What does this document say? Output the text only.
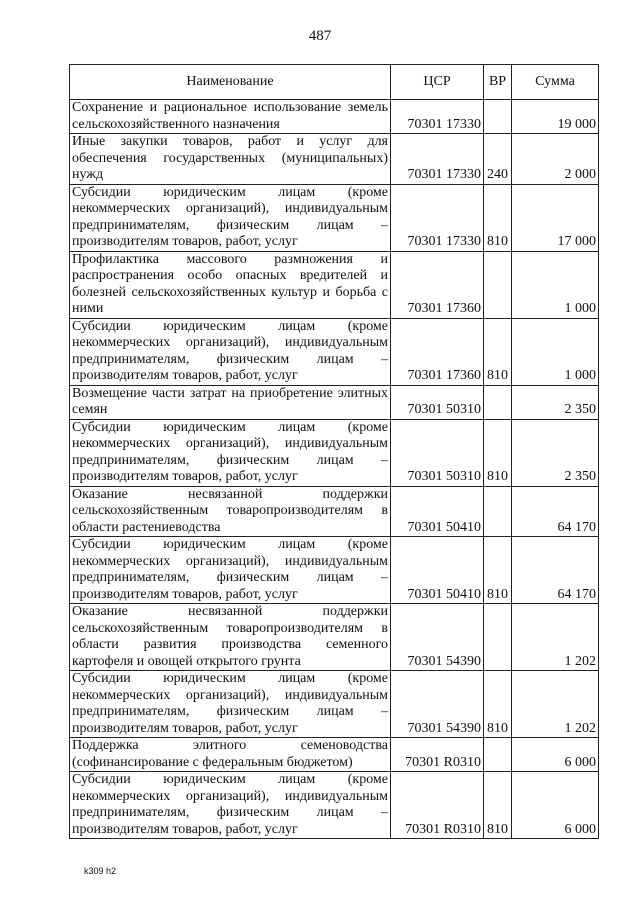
487
Наименование	ЦСР	ВР	Сумма
Сохранение и рациональное использование земель сельскохозяйственного назначения	70301 17330		19 000
Иные закупки товаров, работ и услуг для обеспечения государственных (муниципальных) нужд	70301 17330	240	2 000
Субсидии юридическим лицам (кроме некоммерческих организаций), индивидуальным предпринимателям, физическим лицам – производителям товаров, работ, услуг	70301 17330	810	17 000
Профилактика массового размножения и распространения особо опасных вредителей и болезней сельскохозяйственных культур и борьба с ними	70301 17360		1 000
Субсидии юридическим лицам (кроме некоммерческих организаций), индивидуальным предпринимателям, физическим лицам – производителям товаров, работ, услуг	70301 17360	810	1 000
Возмещение части затрат на приобретение элитных семян	70301 50310		2 350
Субсидии юридическим лицам (кроме некоммерческих организаций), индивидуальным предпринимателям, физическим лицам – производителям товаров, работ, услуг	70301 50310	810	2 350
Оказание несвязанной поддержки сельскохозяйственным товаропроизводителям в области растениеводства	70301 50410		64 170
Субсидии юридическим лицам (кроме некоммерческих организаций), индивидуальным предпринимателям, физическим лицам – производителям товаров, работ, услуг	70301 50410	810	64 170
Оказание несвязанной поддержки сельскохозяйственным товаропроизводителям в области развития производства семенного картофеля и овощей открытого грунта	70301 54390		1 202
Субсидии юридическим лицам (кроме некоммерческих организаций), индивидуальным предпринимателям, физическим лицам – производителям товаров, работ, услуг	70301 54390	810	1 202
Поддержка элитного семеноводства (софинансирование с федеральным бюджетом)	70301 R0310		6 000
Субсидии юридическим лицам (кроме некоммерческих организаций), индивидуальным предпринимателям, физическим лицам – производителям товаров, работ, услуг	70301 R0310	810	6 000
k309 h2
